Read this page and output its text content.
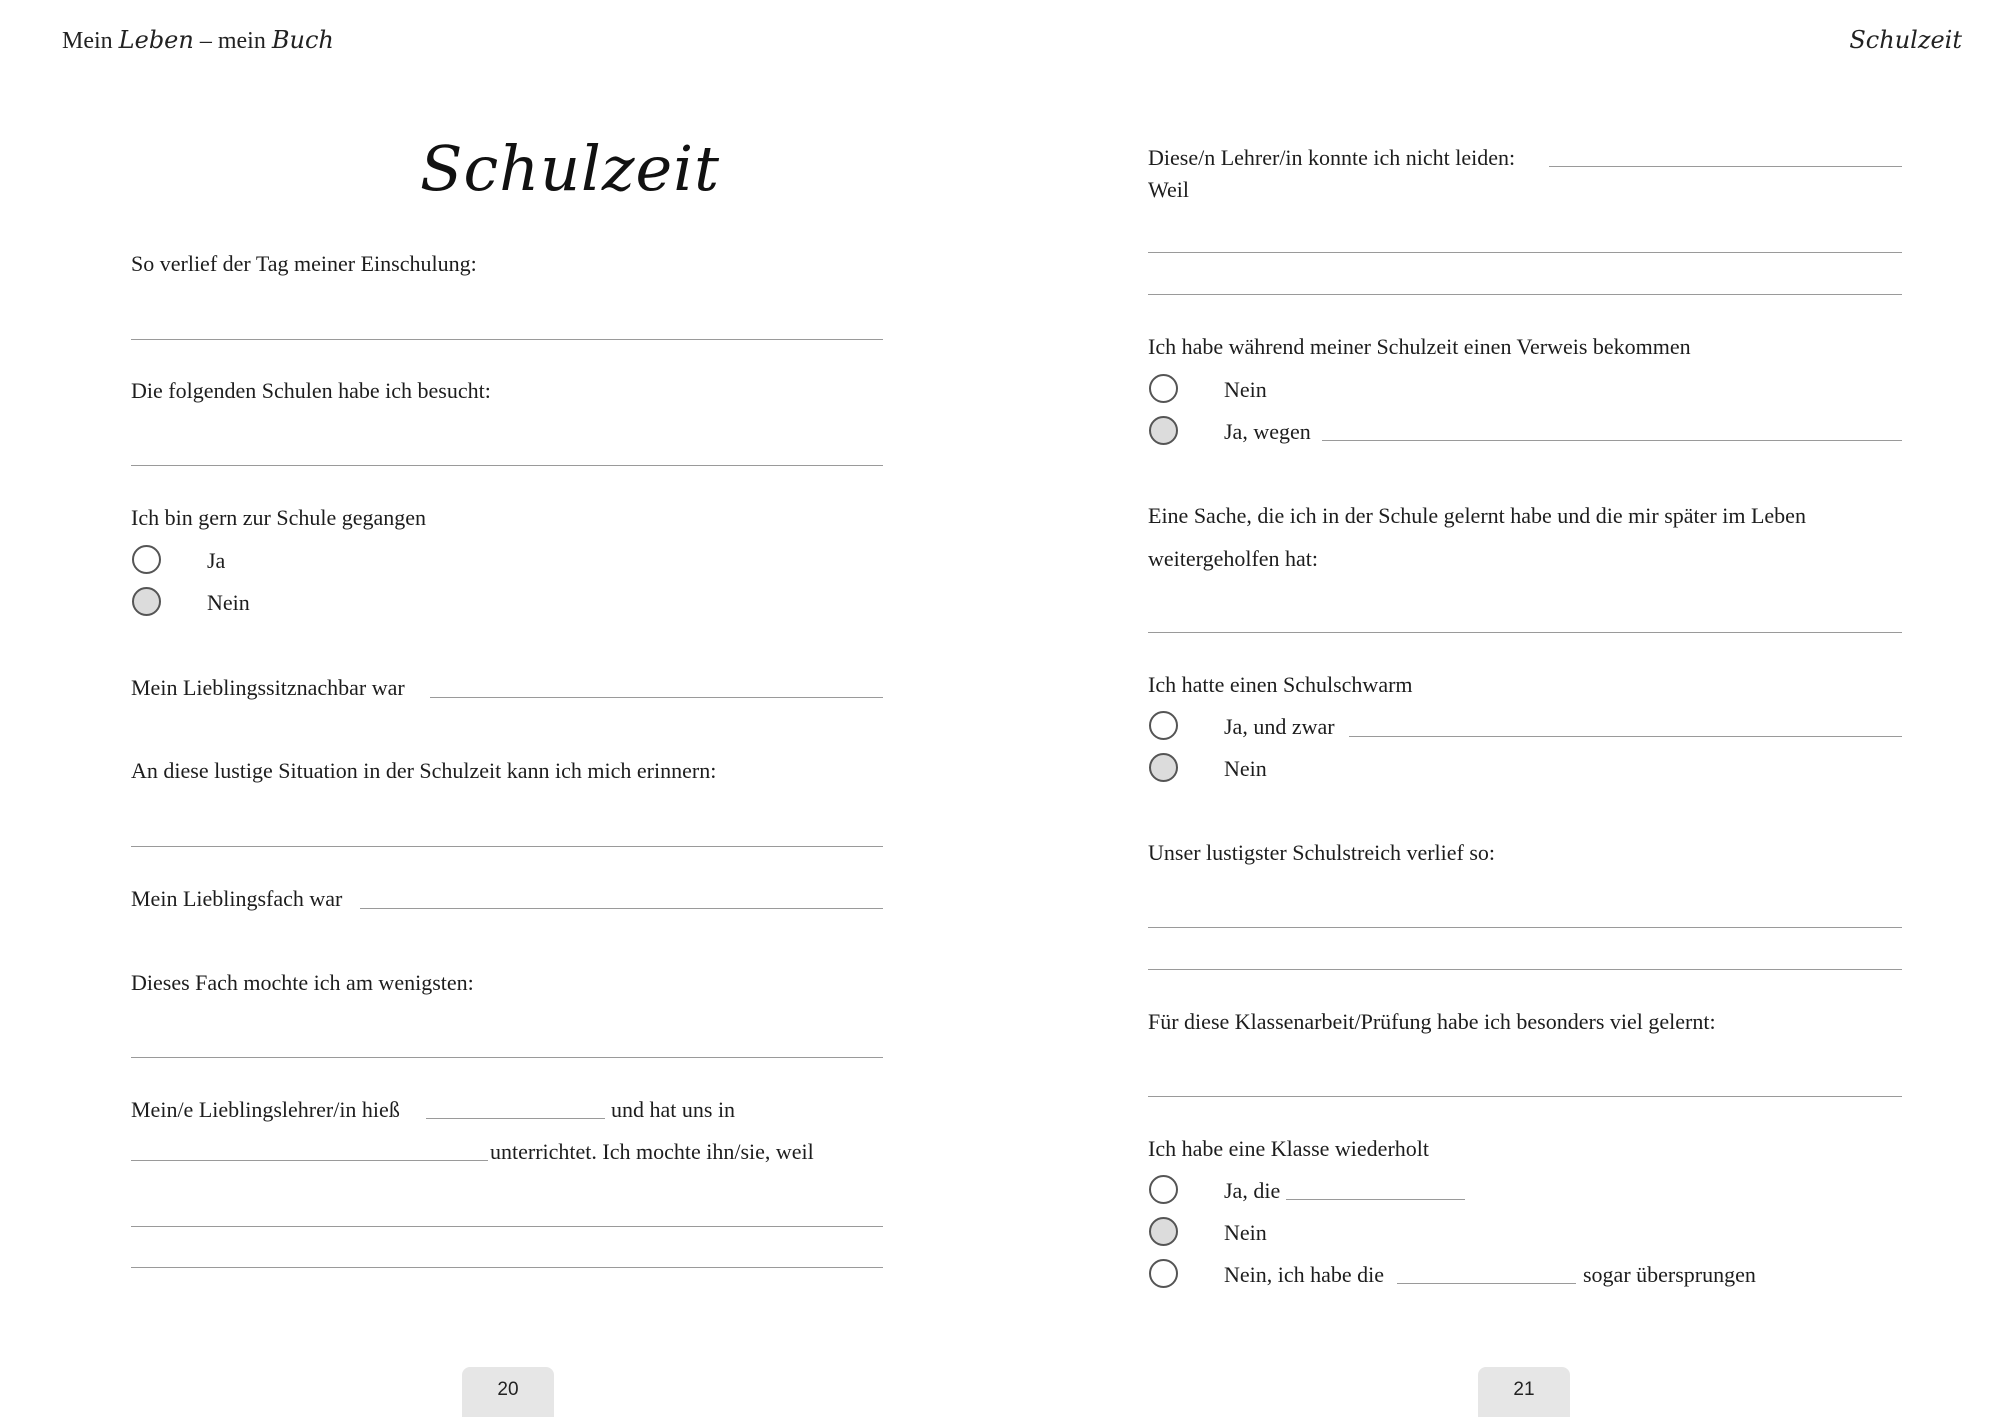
Mein Leben – mein Buch	Schulzeit
Schulzeit
So verlief der Tag meiner Einschulung:
Die folgenden Schulen habe ich besucht:
Ich bin gern zur Schule gegangen
Ja
Nein
Mein Lieblingssitznachbar war
An diese lustige Situation in der Schulzeit kann ich mich erinnern:
Mein Lieblingsfach war
Dieses Fach mochte ich am wenigsten:
Mein/e Lieblingslehrer/in hieß	und hat uns in
unterrichtet. Ich mochte ihn/sie, weil
20
Diese/n Lehrer/in konnte ich nicht leiden:
Weil
Ich habe während meiner Schulzeit einen Verweis bekommen
Nein
Ja, wegen
Eine Sache, die ich in der Schule gelernt habe und die mir später im Leben
weitergeholfen hat:
Ich hatte einen Schulschwarm
Ja, und zwar
Nein
Unser lustigster Schulstreich verlief so:
Für diese Klassenarbeit/Prüfung habe ich besonders viel gelernt:
Ich habe eine Klasse wiederholt
Ja, die
Nein
Nein, ich habe die	sogar übersprungen
21
